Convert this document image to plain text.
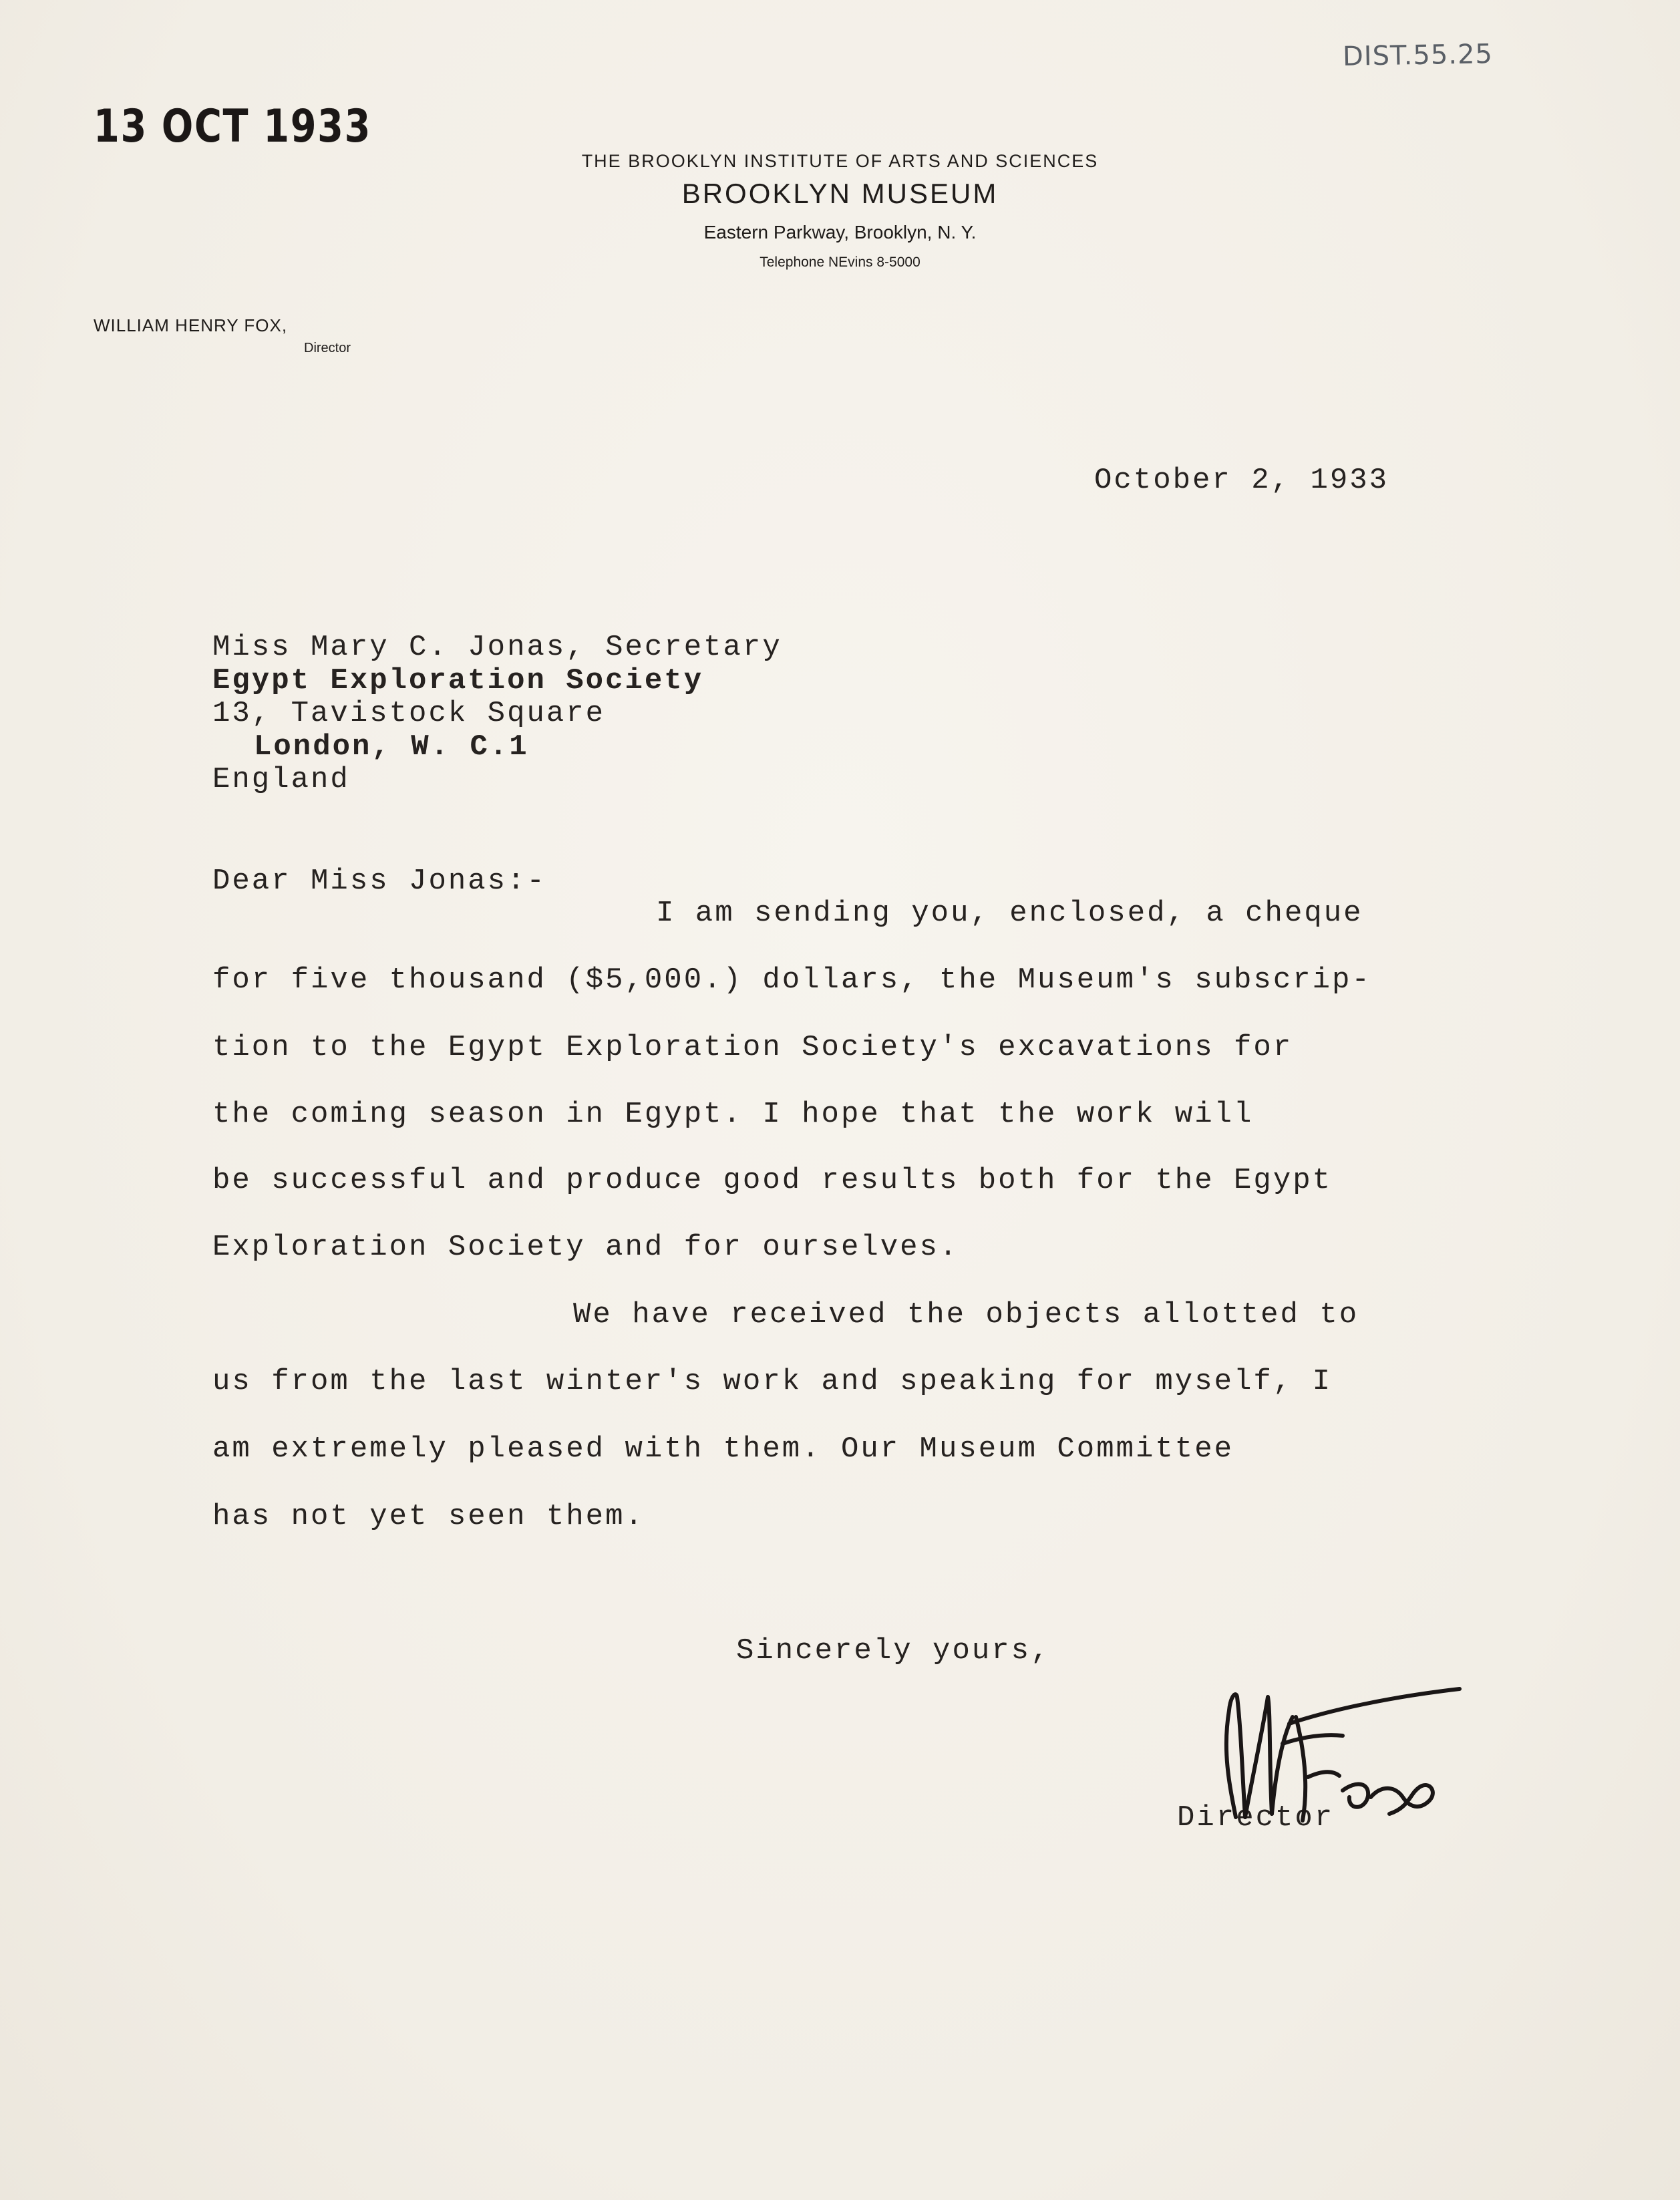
13 OCT 1933
DIST.55.25
THE BROOKLYN INSTITUTE OF ARTS AND SCIENCES
BROOKLYN MUSEUM
Eastern Parkway, Brooklyn, N. Y.
Telephone NEvins 8-5000
WILLIAM HENRY FOX,
Director
October 2, 1933
Miss Mary C. Jonas, Secretary
Egypt Exploration Society
13, Tavistock Square
London, W. C.1
England
Dear Miss Jonas:-
I am sending you, enclosed, a cheque
for five thousand ($5,000.) dollars, the Museum's subscrip-
tion to the Egypt Exploration Society's excavations for
the coming season in Egypt. I hope that the work will
be successful and produce good results both for the Egypt
Exploration Society and for ourselves.
We have received the objects allotted to
us from the last winter's work and speaking for myself, I
am extremely pleased with them. Our Museum Committee
has not yet seen them.
Sincerely yours,
Director
